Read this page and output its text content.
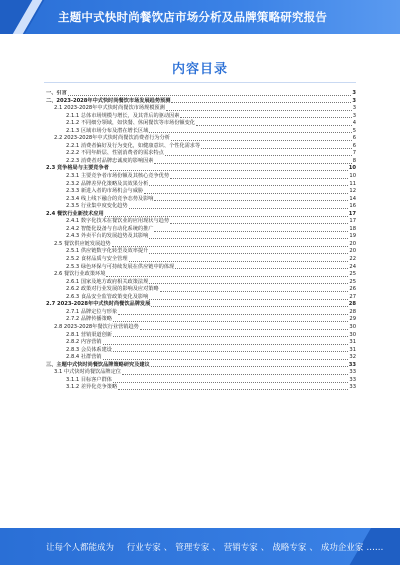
主题中式快时尚餐饮店市场分析及品牌策略研究报告
内容目录
一、引言	3
二、2023-2028年中式快时尚餐饮市场发展趋势预测	3
2.1 2023-2028年中式快时尚餐饮市场规模预测	3
2.1.1 总体市场规模与增长，及其背后的驱动因素	3
2.1.2 不同细分领域，如快餐、休闲餐饮等市场份额变化	4
2.1.3 区域市场分布及潜在增长区域	5
2.2 2023-2028年中式快时尚餐饮消费者行为分析	6
2.2.1 消费者偏好及行为变化，如健康意识、个性化需求等	6
2.2.2 不同年龄层、性别消费者的需求特点	7
2.2.3 消费者对品牌忠诚度的影响因素	8
2.3 竞争格局与主要竞争者	10
2.3.1 主要竞争者市场份额及其核心竞争优势	10
2.3.2 品牌差异化策略及其效果分析	11
2.3.3 新进入者的市场机会与威胁	12
2.3.4 线上线下融合的竞争态势及影响	14
2.3.5 行业集中度变化趋势	16
2.4 餐饮行业新技术应用	17
2.4.1 数字化技术在餐饮业的应用现状与趋势	17
2.4.2 智能化设备与自动化系统的推广	18
2.4.3 外卖平台的发展趋势及其影响	19
2.5 餐饮供应链发展趋势	20
2.5.1 供应链数字化转型及效率提升	20
2.5.2 食材品质与安全管理	22
2.5.3 绿色环保与可持续发展在供应链中的体现	24
2.6 餐饮行业政策环境	25
2.6.1 国家及地方政府相关政策法规	25
2.6.2 政策对行业发展的影响及应对策略	26
2.6.3 食品安全监管政策变化及影响	27
2.7 2023-2028年中式快时尚餐饮品牌发展	28
2.7.1 品牌定位与形象	28
2.7.2 品牌传播策略	29
2.8 2023-2028年餐饮行业营销趋势	30
2.8.1 营销渠道创新	30
2.8.2 内容营销	31
2.8.3 会员体系建设	31
2.8.4 社群营销	32
三、主题中式快时尚餐饮品牌策略研究及建议	33
3.1 中式快时尚餐饮品牌定位	33
3.1.1 目标客户群体	33
3.1.2 差异化竞争策略	33
让每个人都能成为 行业专家 、 管理专家 、 营销专家 、 战略专家 、 成功企业家 ……
